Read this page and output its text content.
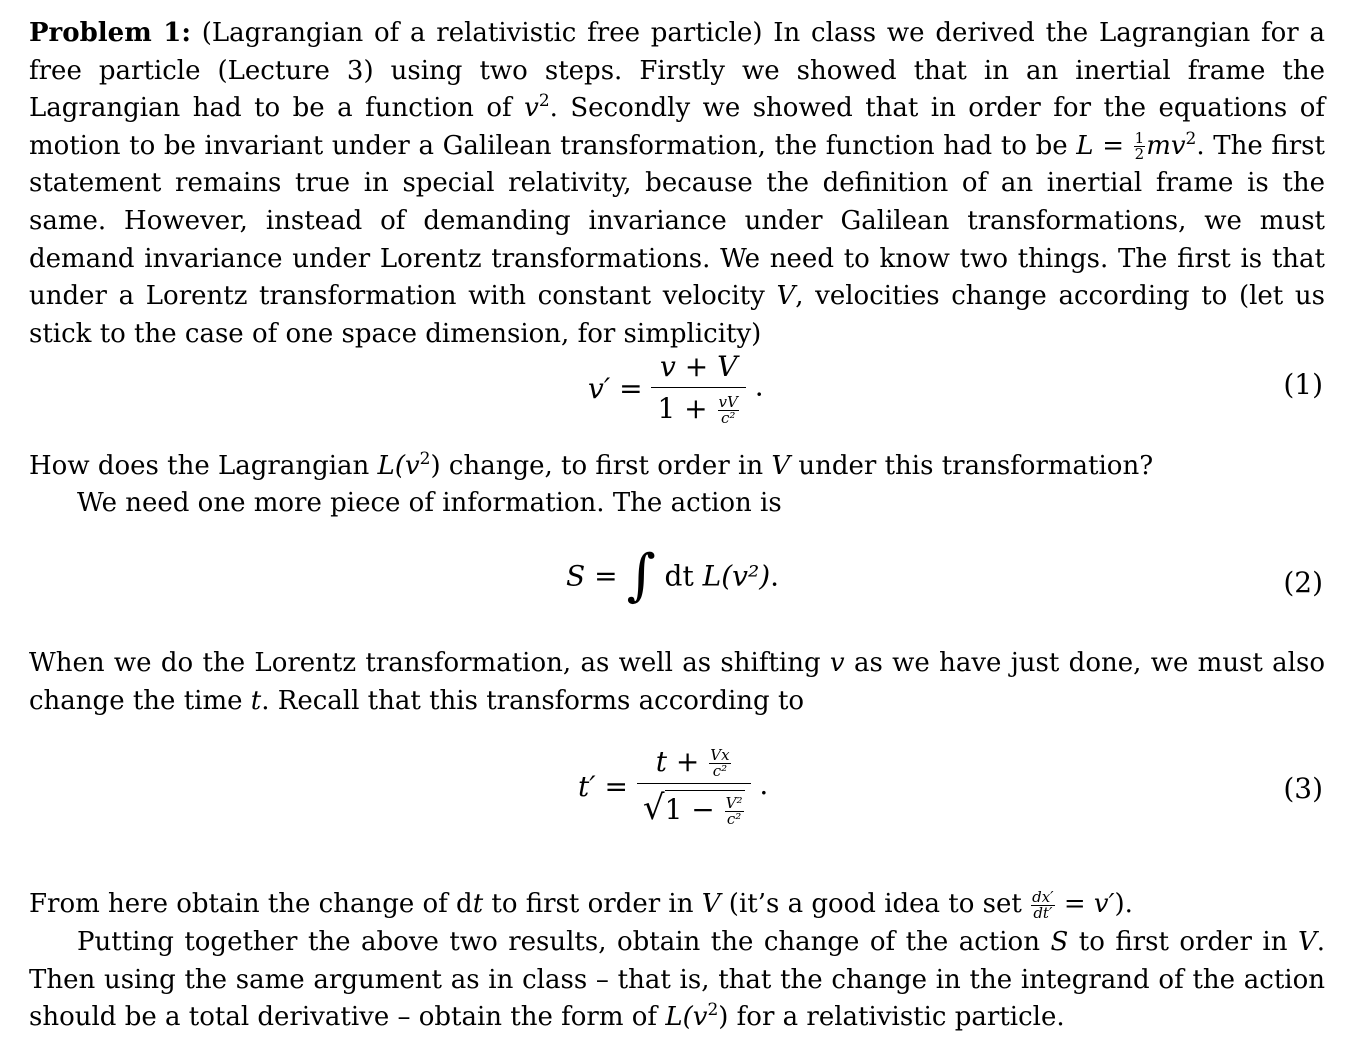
Problem 1: (Lagrangian of a relativistic free particle) In class we derived the Lagrangian for a free particle (Lecture 3) using two steps. Firstly we showed that in an inertial frame the Lagrangian had to be a function of $v^2$. Secondly we showed that in order for the equations of motion to be invariant under a Galilean transformation, the function had to be $L = \frac{1}{2} mv^2$. The first statement remains true in special relativity, because the definition of an inertial frame is the same. However, instead of demanding invariance under Galilean transformations, we must demand invariance under Lorentz transformations. We need to know two things. The first is that under a Lorentz transformation with constant velocity V, velocities change according to (let us stick to the case of one space dimension, for simplicity)
v′ =
v + V
$1 + \frac{vV}{\text{c²}}$
.	(1)
How does the Lagrangian $L(v^2)$ change, to first order in V under this transformation?
We need one more piece of information. The action is
S = ∫ dt L(v²).	(2)
When we do the Lorentz transformation, as well as shifting v as we have just done, we must also change the time t. Recall that this transforms according to
t′ =
$t + \frac{Vx}{\text{c²}}$
$√1 - \frac{\text{V²}}{\text{c²}}$
.	(3)
From here obtain the change of dt to first order in V (it’s a good idea to set $\frac{dx'}{dt'} = v'$).
Putting together the above two results, obtain the change of the action S to first order in V. Then using the same argument as in class – that is, that the change in the integrand of the action should be a total derivative – obtain the form of $L(v^2)$ for a relativistic particle.
